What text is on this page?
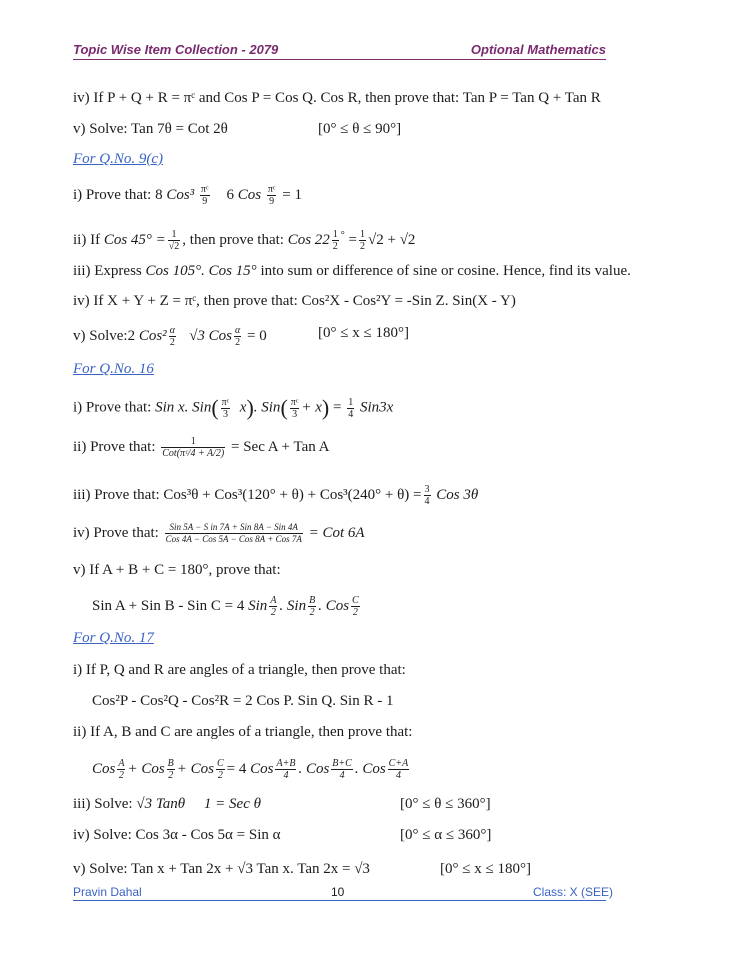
Topic Wise Item Collection - 2079	Optional Mathematics
iv) If P + Q + R = πᶜ and Cos P = Cos Q. Cos R, then prove that: Tan P = Tan Q + Tan R
v) Solve: Tan 7θ = Cot 2θ	[0° ≤ θ ≤ 90°]
For Q.No. 9(c)
i) Prove that: 8 $Cos^3 \frac{\text{πᶜ}}{9} 6$ Cos $\frac{\text{πᶜ}}{9} = 1$
ii) If Cos $45^\circ = \frac{1}{√2}$ , then prove that: Cos $22 \frac{1}{2} ^\circ = \frac{1}{2} √2 + √2$
iii) Express Cos 105°. Cos 15° into sum or difference of sine or cosine. Hence, find its value.
iv) If X + Y + Z = πᶜ, then prove that: Cos²X - Cos²Y = -Sin Z. Sin(X - Y)
v) Solve:2 $Cos^2 \frac{\alpha}{2} √3$ Cos $\frac{\alpha}{2} = 0$	[0° ≤ x ≤ 180°]
For Q.No. 16
i) Prove that: Sin x. $Sin( \frac{\text{πᶜ}}{3} x)$. $Sin( \frac{\text{πᶜ}}{3} + x) = \frac{1}{4} Sin3x$
ii) Prove that: $\frac{1}{\text{Cot(πᶜ/4 + A/2)}}$ = Sec A + Tan A
iii) Prove that: $Cos^3\theta + Cos^3(120^\circ + \theta) + Cos^3(240^\circ + \theta) = \frac{3}{4}$ Cos 3θ
iv) Prove that: $\frac{\text{Sin 5A − S in 7A + Sin 8A − Sin 4A}}{\text{Cos 4A − Cos 5A − Cos 8A + Cos 7A}}$ = Cot 6A
v) If A + B + C = 180°, prove that:
Sin A + Sin B - Sin C = 4 Sin $\frac{A}{2}$ . Sin $\frac{B}{2}$ . Cos $\frac{C}{2}$
For Q.No. 17
i) If P, Q and R are angles of a triangle, then prove that:
Cos²P - Cos²Q - Cos²R = 2 Cos P. Sin Q. Sin R - 1
ii) If A, B and C are angles of a triangle, then prove that:
Cos $\frac{A}{2}$ + Cos $\frac{B}{2}$ + Cos $\frac{C}{2} = 4$ Cos $\frac{A+B}{4}$ . Cos $\frac{B+C}{4}$ . Cos $\frac{C+A}{4}$
iii) Solve: √3 Tanθ 1 = Sec θ	[0° ≤ θ ≤ 360°]
iv) Solve: Cos 3α - Cos 5α = Sin α	[0° ≤ α ≤ 360°]
v) Solve: Tan x + Tan 2x + √3 Tan x. Tan 2x = √3	[0° ≤ x ≤ 180°]
Pravin Dahal	10	Class: X (SEE)
